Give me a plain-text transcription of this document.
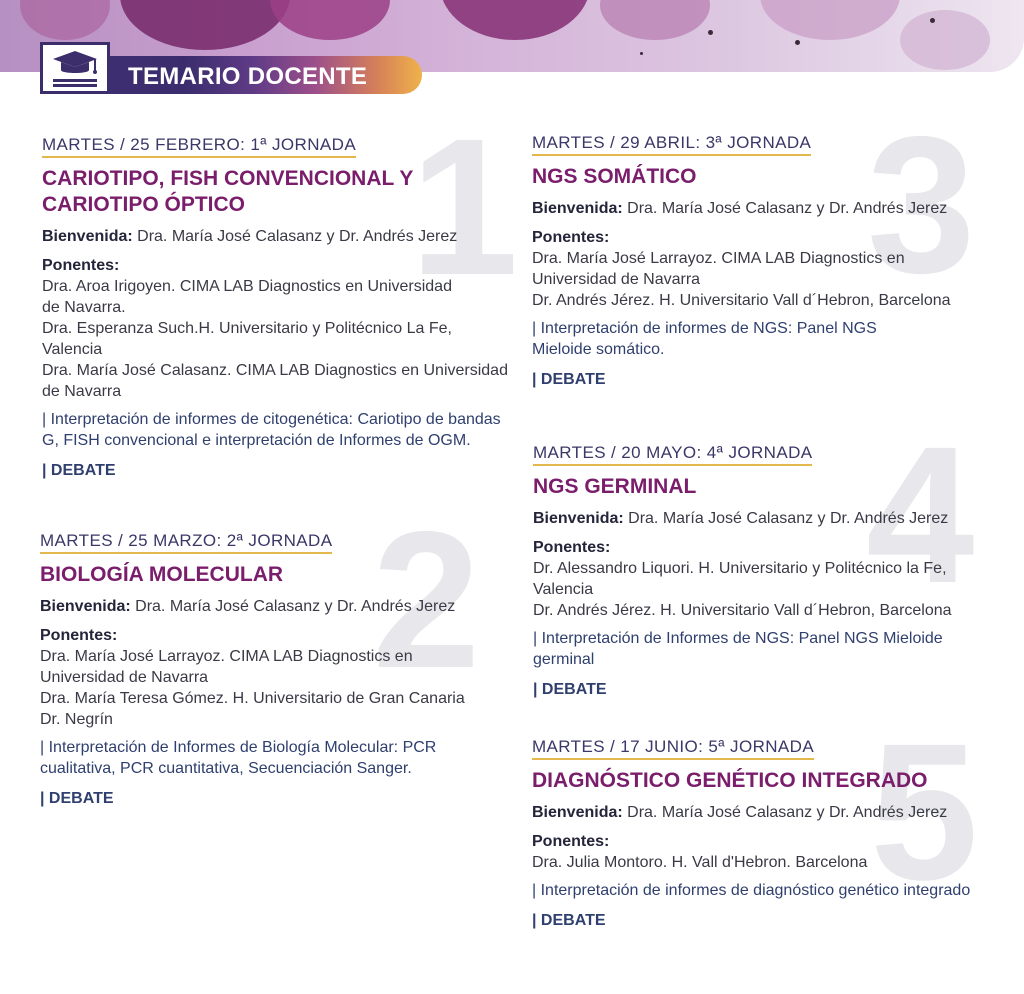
TEMARIO DOCENTE
1
MARTES / 25 FEBRERO: 1ª JORNADA
CARIOTIPO, FISH CONVENCIONAL Y CARIOTIPO ÓPTICO
Bienvenida: Dra. María José Calasanz y Dr. Andrés Jerez
Ponentes:
Dra. Aroa Irigoyen. CIMA LAB Diagnostics en Universidad de Navarra.
Dra. Esperanza Such.H. Universitario y Politécnico La Fe, Valencia
Dra. María José Calasanz. CIMA LAB Diagnostics en Universidad de Navarra
| Interpretación de informes de citogenética: Cariotipo de bandas G, FISH convencional e interpretación de Informes de OGM.
| DEBATE
2
MARTES / 25 MARZO: 2ª JORNADA
BIOLOGÍA MOLECULAR
Bienvenida: Dra. María José Calasanz y Dr. Andrés Jerez
Ponentes:
Dra. María José Larrayoz. CIMA LAB Diagnostics en Universidad de Navarra
Dra. María Teresa Gómez. H. Universitario de Gran Canaria Dr. Negrín
| Interpretación de Informes de Biología Molecular: PCR cualitativa, PCR cuantitativa, Secuenciación Sanger.
| DEBATE
3
MARTES / 29 ABRIL: 3ª JORNADA
NGS SOMÁTICO
Bienvenida: Dra. María José Calasanz y Dr. Andrés Jerez
Ponentes:
Dra. María José Larrayoz. CIMA LAB Diagnostics en Universidad de Navarra
Dr. Andrés Jérez. H. Universitario Vall d´Hebron, Barcelona
| Interpretación de informes de NGS: Panel NGS Mieloide somático.
| DEBATE
4
MARTES / 20 MAYO: 4ª JORNADA
NGS GERMINAL
Bienvenida: Dra. María José Calasanz y Dr. Andrés Jerez
Ponentes:
Dr. Alessandro Liquori. H. Universitario y Politécnico la Fe, Valencia
Dr. Andrés Jérez. H. Universitario Vall d´Hebron, Barcelona
| Interpretación de Informes de NGS: Panel NGS Mieloide germinal
| DEBATE
5
MARTES / 17 JUNIO: 5ª JORNADA
DIAGNÓSTICO GENÉTICO INTEGRADO
Bienvenida: Dra. María José Calasanz y Dr. Andrés Jerez
Ponentes:
Dra. Julia Montoro. H. Vall d'Hebron. Barcelona
| Interpretación de informes de diagnóstico genético integrado
| DEBATE
